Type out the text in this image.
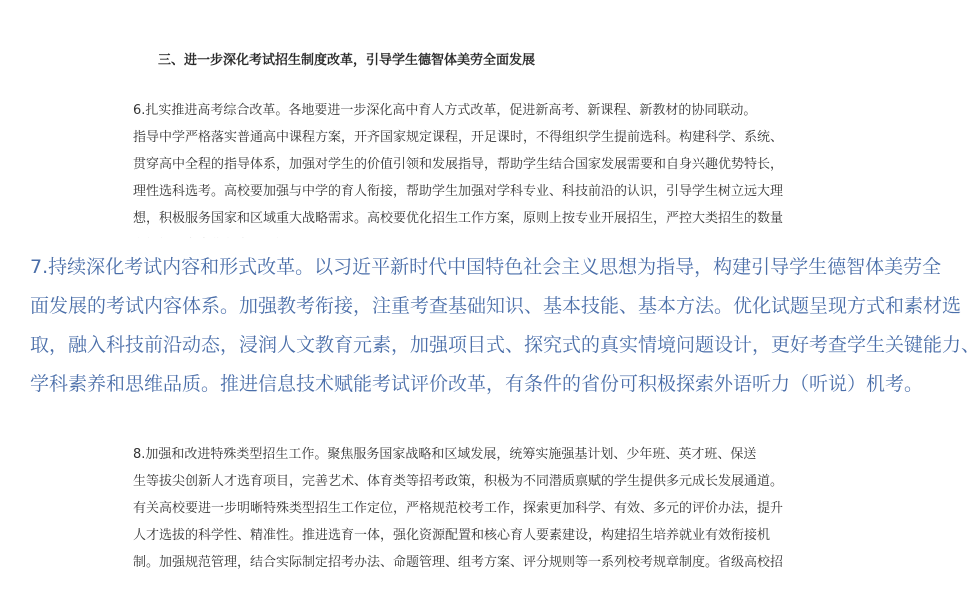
三、进一步深化考试招生制度改革，引导学生德智体美劳全面发展
6.扎实推进高考综合改革。各地要进一步深化高中育人方式改革，促进新高考、新课程、新教材的协同联动。
指导中学严格落实普通高中课程方案，开齐国家规定课程，开足课时，不得组织学生提前选科。构建科学、系统、
贯穿高中全程的指导体系，加强对学生的价值引领和发展指导，帮助学生结合国家发展需要和自身兴趣优势特长，
理性选科选考。高校要加强与中学的育人衔接，帮助学生加强对学科专业、科技前沿的认识，引导学生树立远大理
想，积极服务国家和区域重大战略需求。高校要优化招生工作方案，原则上按专业开展招生，严控大类招生的数量
7.持续深化考试内容和形式改革。以习近平新时代中国特色社会主义思想为指导，构建引导学生德智体美劳全
面发展的考试内容体系。加强教考衔接，注重考查基础知识、基本技能、基本方法。优化试题呈现方式和素材选
取，融入科技前沿动态，浸润人文教育元素，加强项目式、探究式的真实情境问题设计，更好考查学生关键能力、
学科素养和思维品质。推进信息技术赋能考试评价改革，有条件的省份可积极探索外语听力（听说）机考。
8.加强和改进特殊类型招生工作。聚焦服务国家战略和区域发展，统筹实施强基计划、少年班、英才班、保送
生等拔尖创新人才选育项目，完善艺术、体育类等招考政策，积极为不同潜质禀赋的学生提供多元成长发展通道。
有关高校要进一步明晰特殊类型招生工作定位，严格规范校考工作，探索更加科学、有效、多元的评价办法，提升
人才选拔的科学性、精准性。推进选育一体，强化资源配置和核心育人要素建设，构建招生培养就业有效衔接机
制。加强规范管理，结合实际制定招考办法、命题管理、组考方案、评分规则等一系列校考规章制度。省级高校招
